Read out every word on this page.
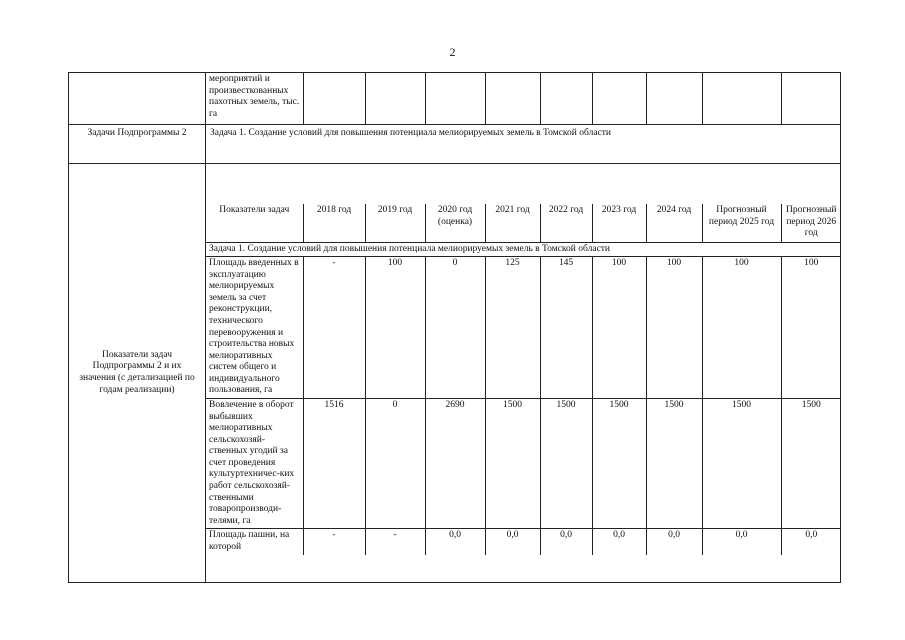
2

мероприятий и произвесткованных пахотных земель, тыс. га									

Задачи Подпрограммы 2	Задача 1. Создание условий для повышения потенциала мелиорируемых земель в Томской области
Показатели задач Подпрограммы 2 и их значения (с детализацией по годам реализации)	
Показатели задач	2018 год	2019 год	2020 год (оценка)	2021 год	2022 год	2023 год	2024 год	Прогнозный период 2025 год	Прогнозный период 2026 год
Задача 1. Создание условий для повышения потенциала мелиорируемых земель в Томской области
Площадь введенных в эксплуатацию мелиорируемых земель за счет реконструкции, технического перевооружения и строительства новых мелиоративных систем общего и индивидуального пользования, га	-	100	0	125	145	100	100	100	100
Вовлечение в оборот выбывших мелиоративных сельскохозяй-ственных угодий за счет проведения культуртехничес-ких работ сельскохозяй-ственными товаропроизводи-телями, га	1516	0	2690	1500	1500	1500	1500	1500	1500
Площадь пашни, на которой	-	-	0,0	0,0	0,0	0,0	0,0	0,0	0,0
